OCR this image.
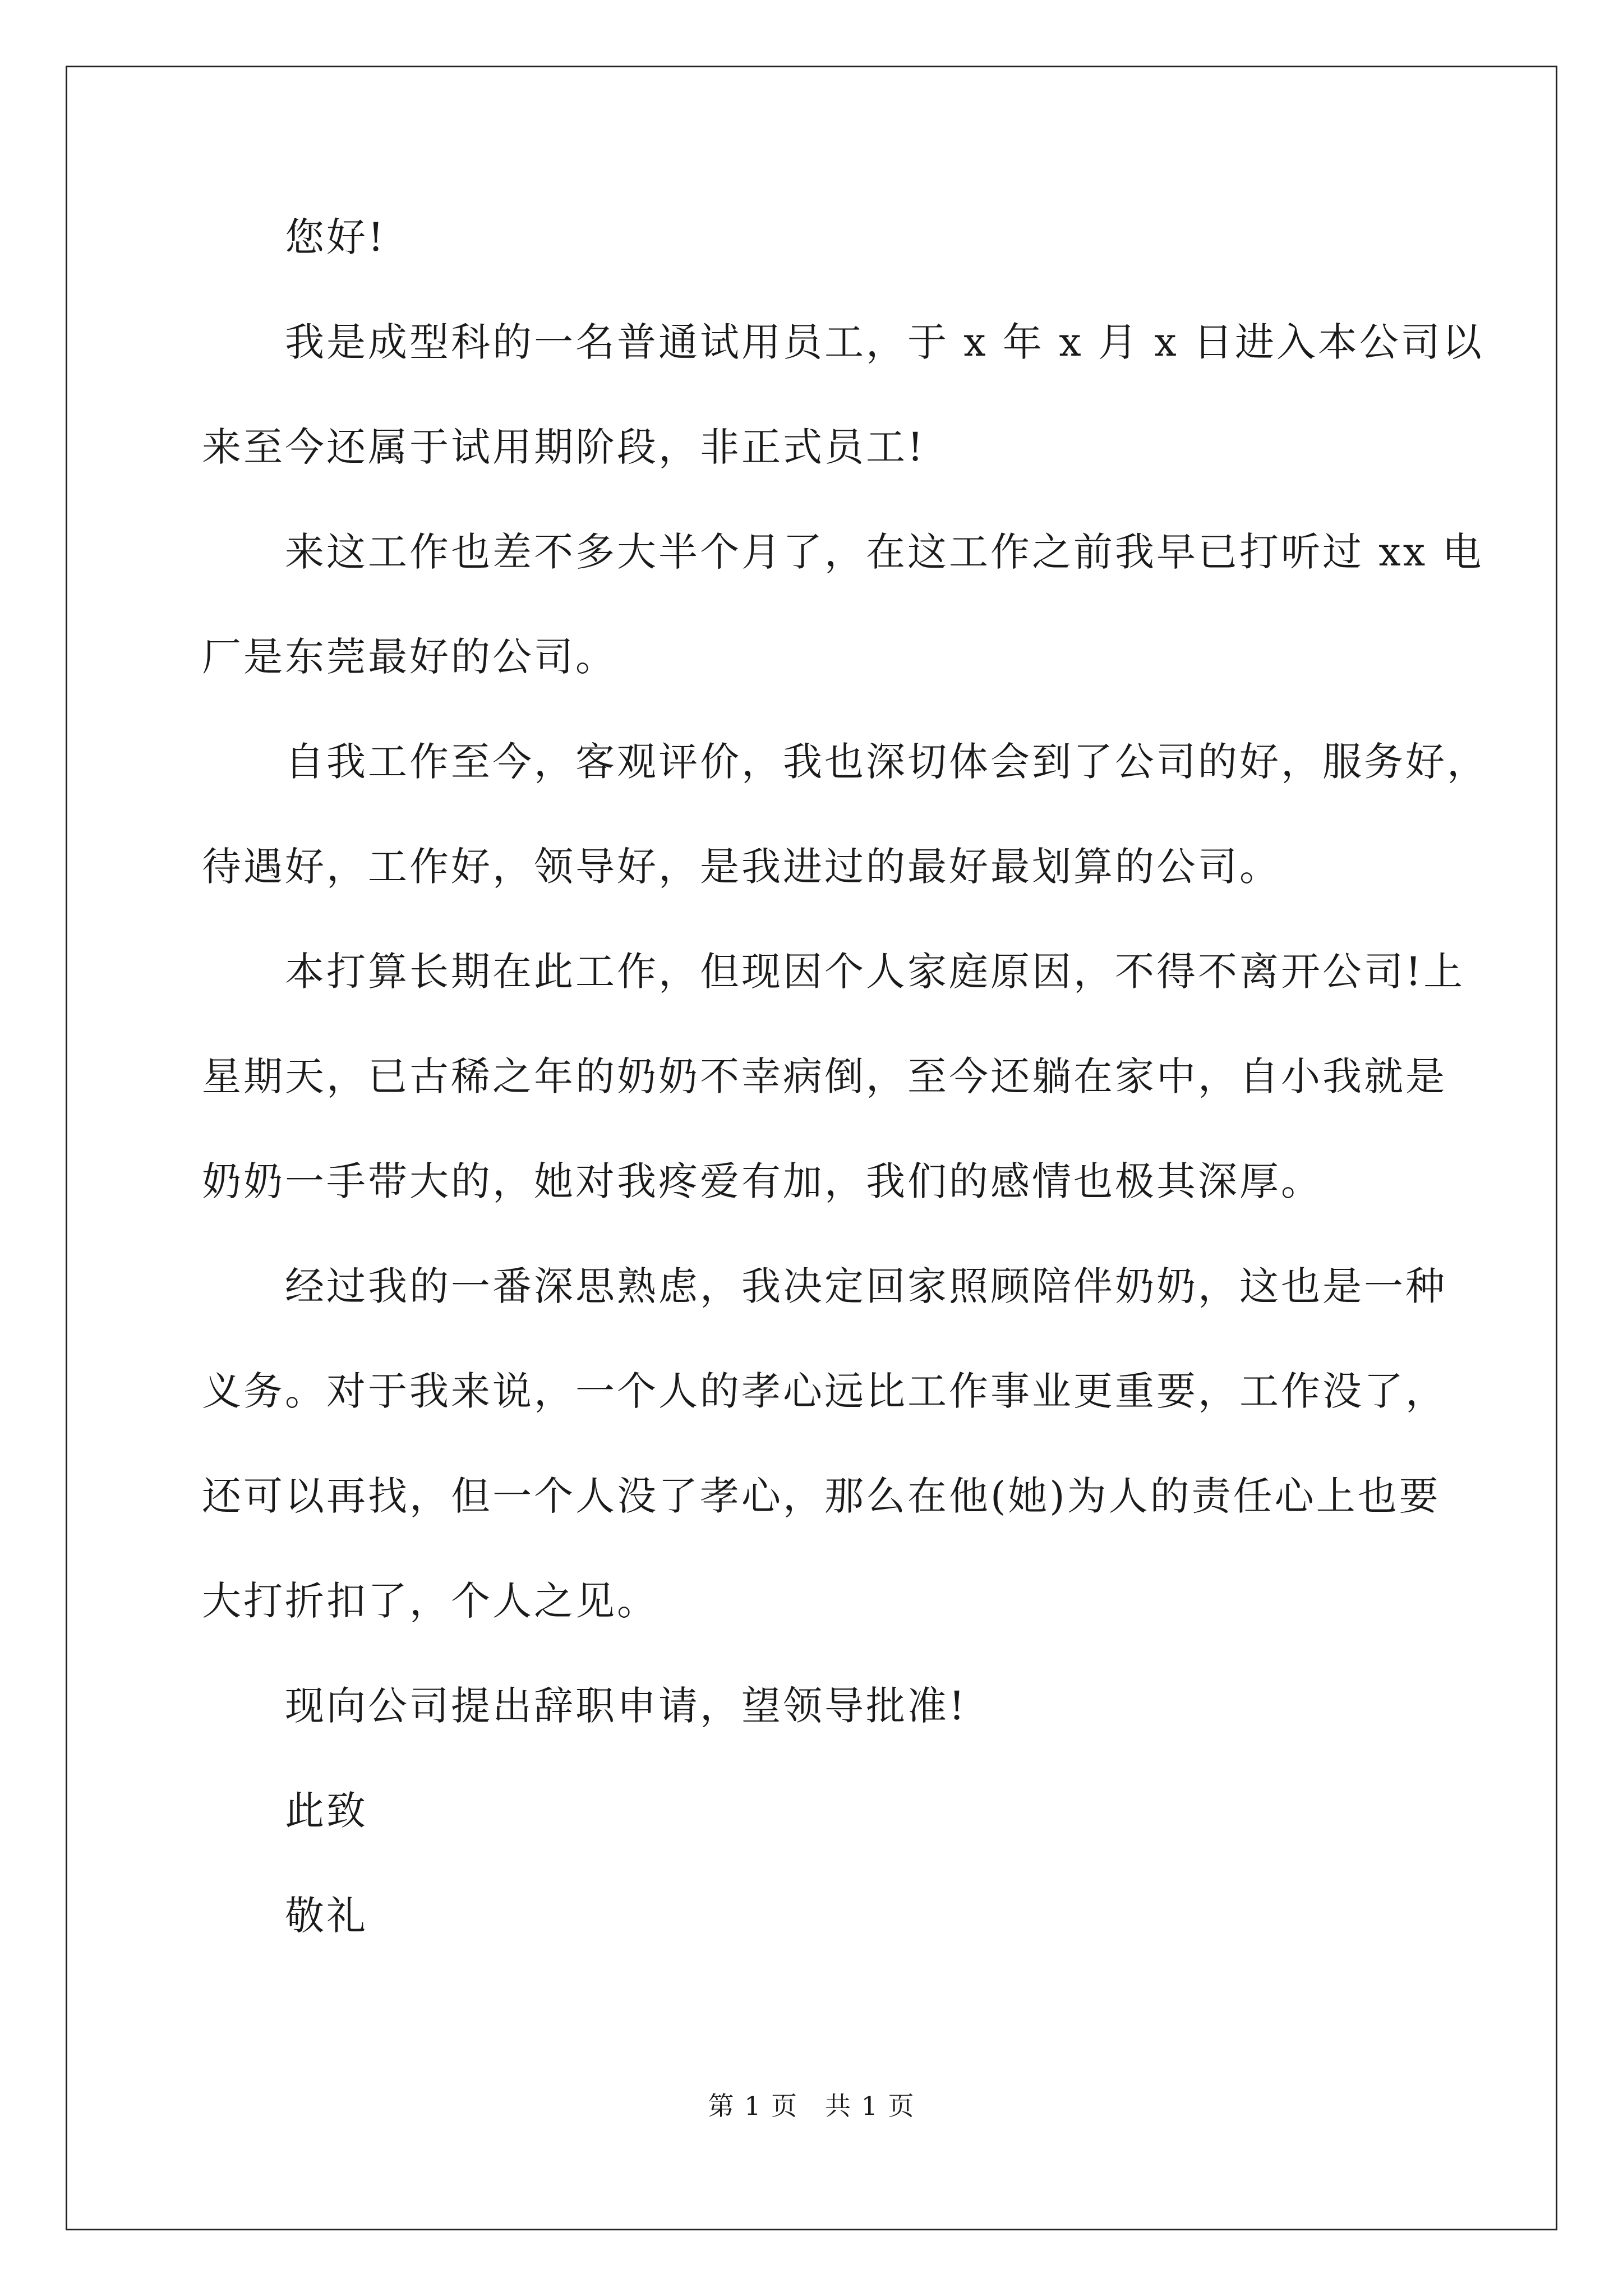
您好!
我是成型科的一名普通试用员工，于 x 年 x 月 x 日进入本公司以
来至今还属于试用期阶段，非正式员工!
来这工作也差不多大半个月了，在这工作之前我早已打听过 xx 电
厂是东莞最好的公司。
自我工作至今，客观评价，我也深切体会到了公司的好，服务好，
待遇好，工作好，领导好，是我进过的最好最划算的公司。
本打算长期在此工作，但现因个人家庭原因，不得不离开公司!上
星期天，已古稀之年的奶奶不幸病倒，至今还躺在家中，自小我就是
奶奶一手带大的，她对我疼爱有加，我们的感情也极其深厚。
经过我的一番深思熟虑，我决定回家照顾陪伴奶奶，这也是一种
义务。对于我来说，一个人的孝心远比工作事业更重要，工作没了，
还可以再找，但一个人没了孝心，那么在他(她)为人的责任心上也要
大打折扣了，个人之见。
现向公司提出辞职申请，望领导批准!
此致
敬礼
第 1 页 共 1 页
